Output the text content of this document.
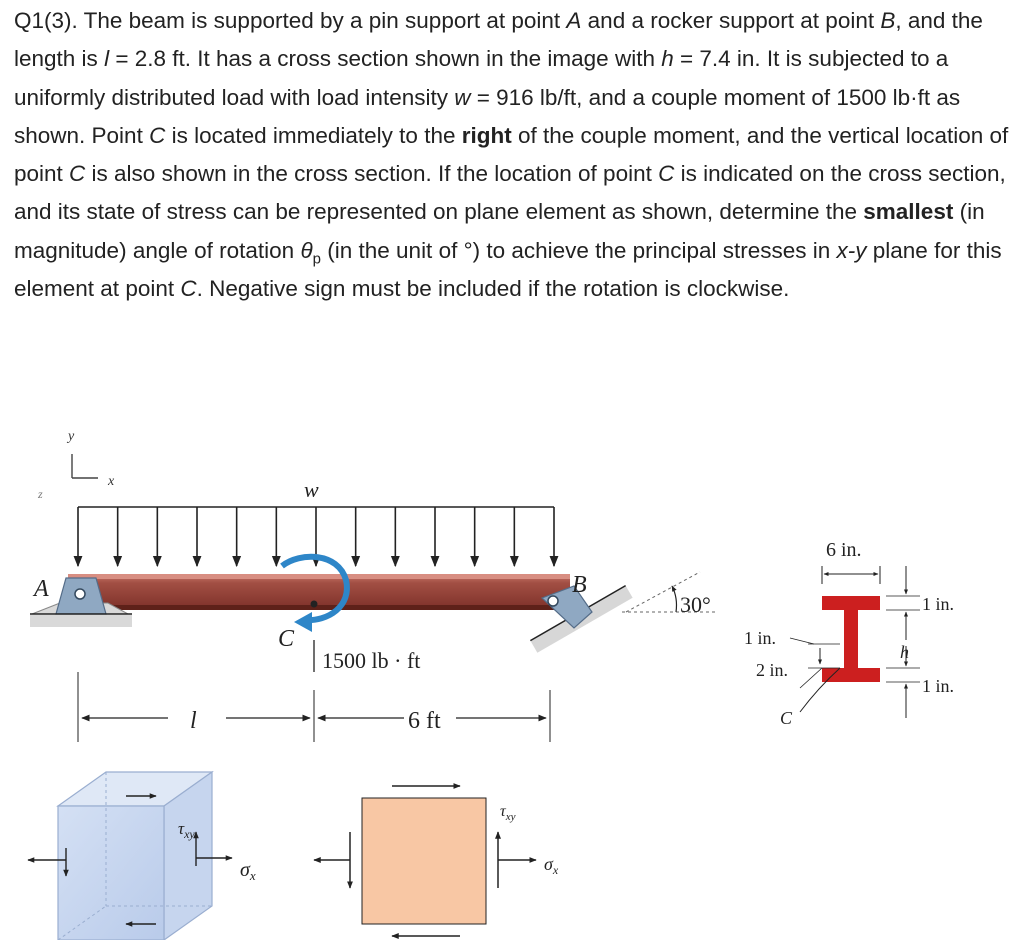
Q1(3). The beam is supported by a pin support at point A and a rocker support at point B, and the length is l = 2.8 ft. It has a cross section shown in the image with h = 7.4 in. It is subjected to a uniformly distributed load with load intensity w = 916 lb/ft, and a couple moment of 1500 lb·ft as shown. Point C is located immediately to the right of the couple moment, and the vertical location of point C is also shown in the cross section. If the location of point C is indicated on the cross section, and its state of stress can be represented on plane element as shown, determine the smallest (in magnitude) angle of rotation $\theta_p$ (in the unit of °) to achieve the principal stresses in x-y plane for this element at point C. Negative sign must be included if the rotation is clockwise.
y
x
z	w
A	B
30°
C
1500 lb · ft
l	6 ft
6 in.
1 in.
h
1 in.
1 in.
2 in.
C
$\tau_{xy}$
$\sigma_x$
$\tau_{xy}$
$\sigma_x$
